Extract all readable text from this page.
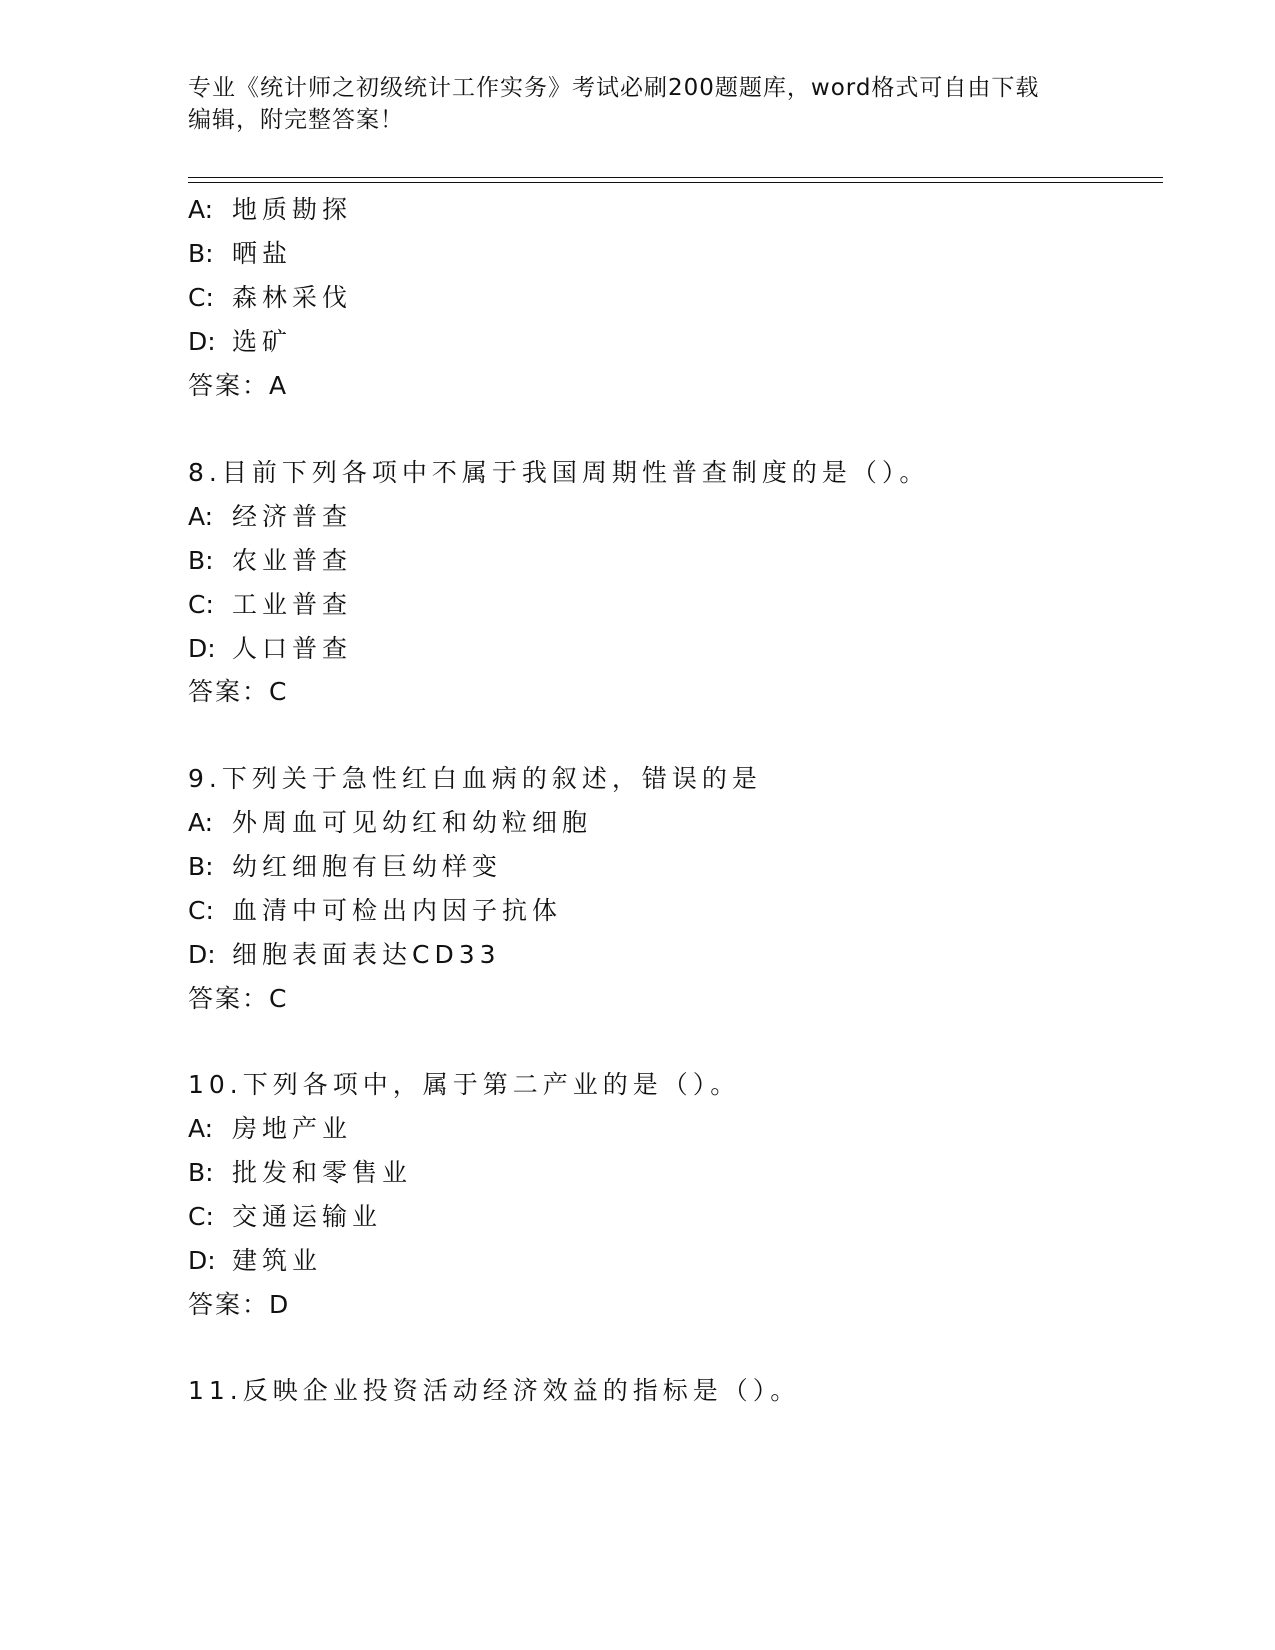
专业《统计师之初级统计工作实务》考试必刷200题题库，word格式可自由下载
编辑，附完整答案！
A: 地质勘探
B: 晒盐
C: 森林采伐
D: 选矿
答案：A
8.目前下列各项中不属于我国周期性普查制度的是（）。
A: 经济普查
B: 农业普查
C: 工业普查
D: 人口普查
答案：C
9.下列关于急性红白血病的叙述，错误的是
A: 外周血可见幼红和幼粒细胞
B: 幼红细胞有巨幼样变
C: 血清中可检出内因子抗体
D: 细胞表面表达CD33
答案：C
10.下列各项中，属于第二产业的是（）。
A: 房地产业
B: 批发和零售业
C: 交通运输业
D: 建筑业
答案：D
11.反映企业投资活动经济效益的指标是（）。
